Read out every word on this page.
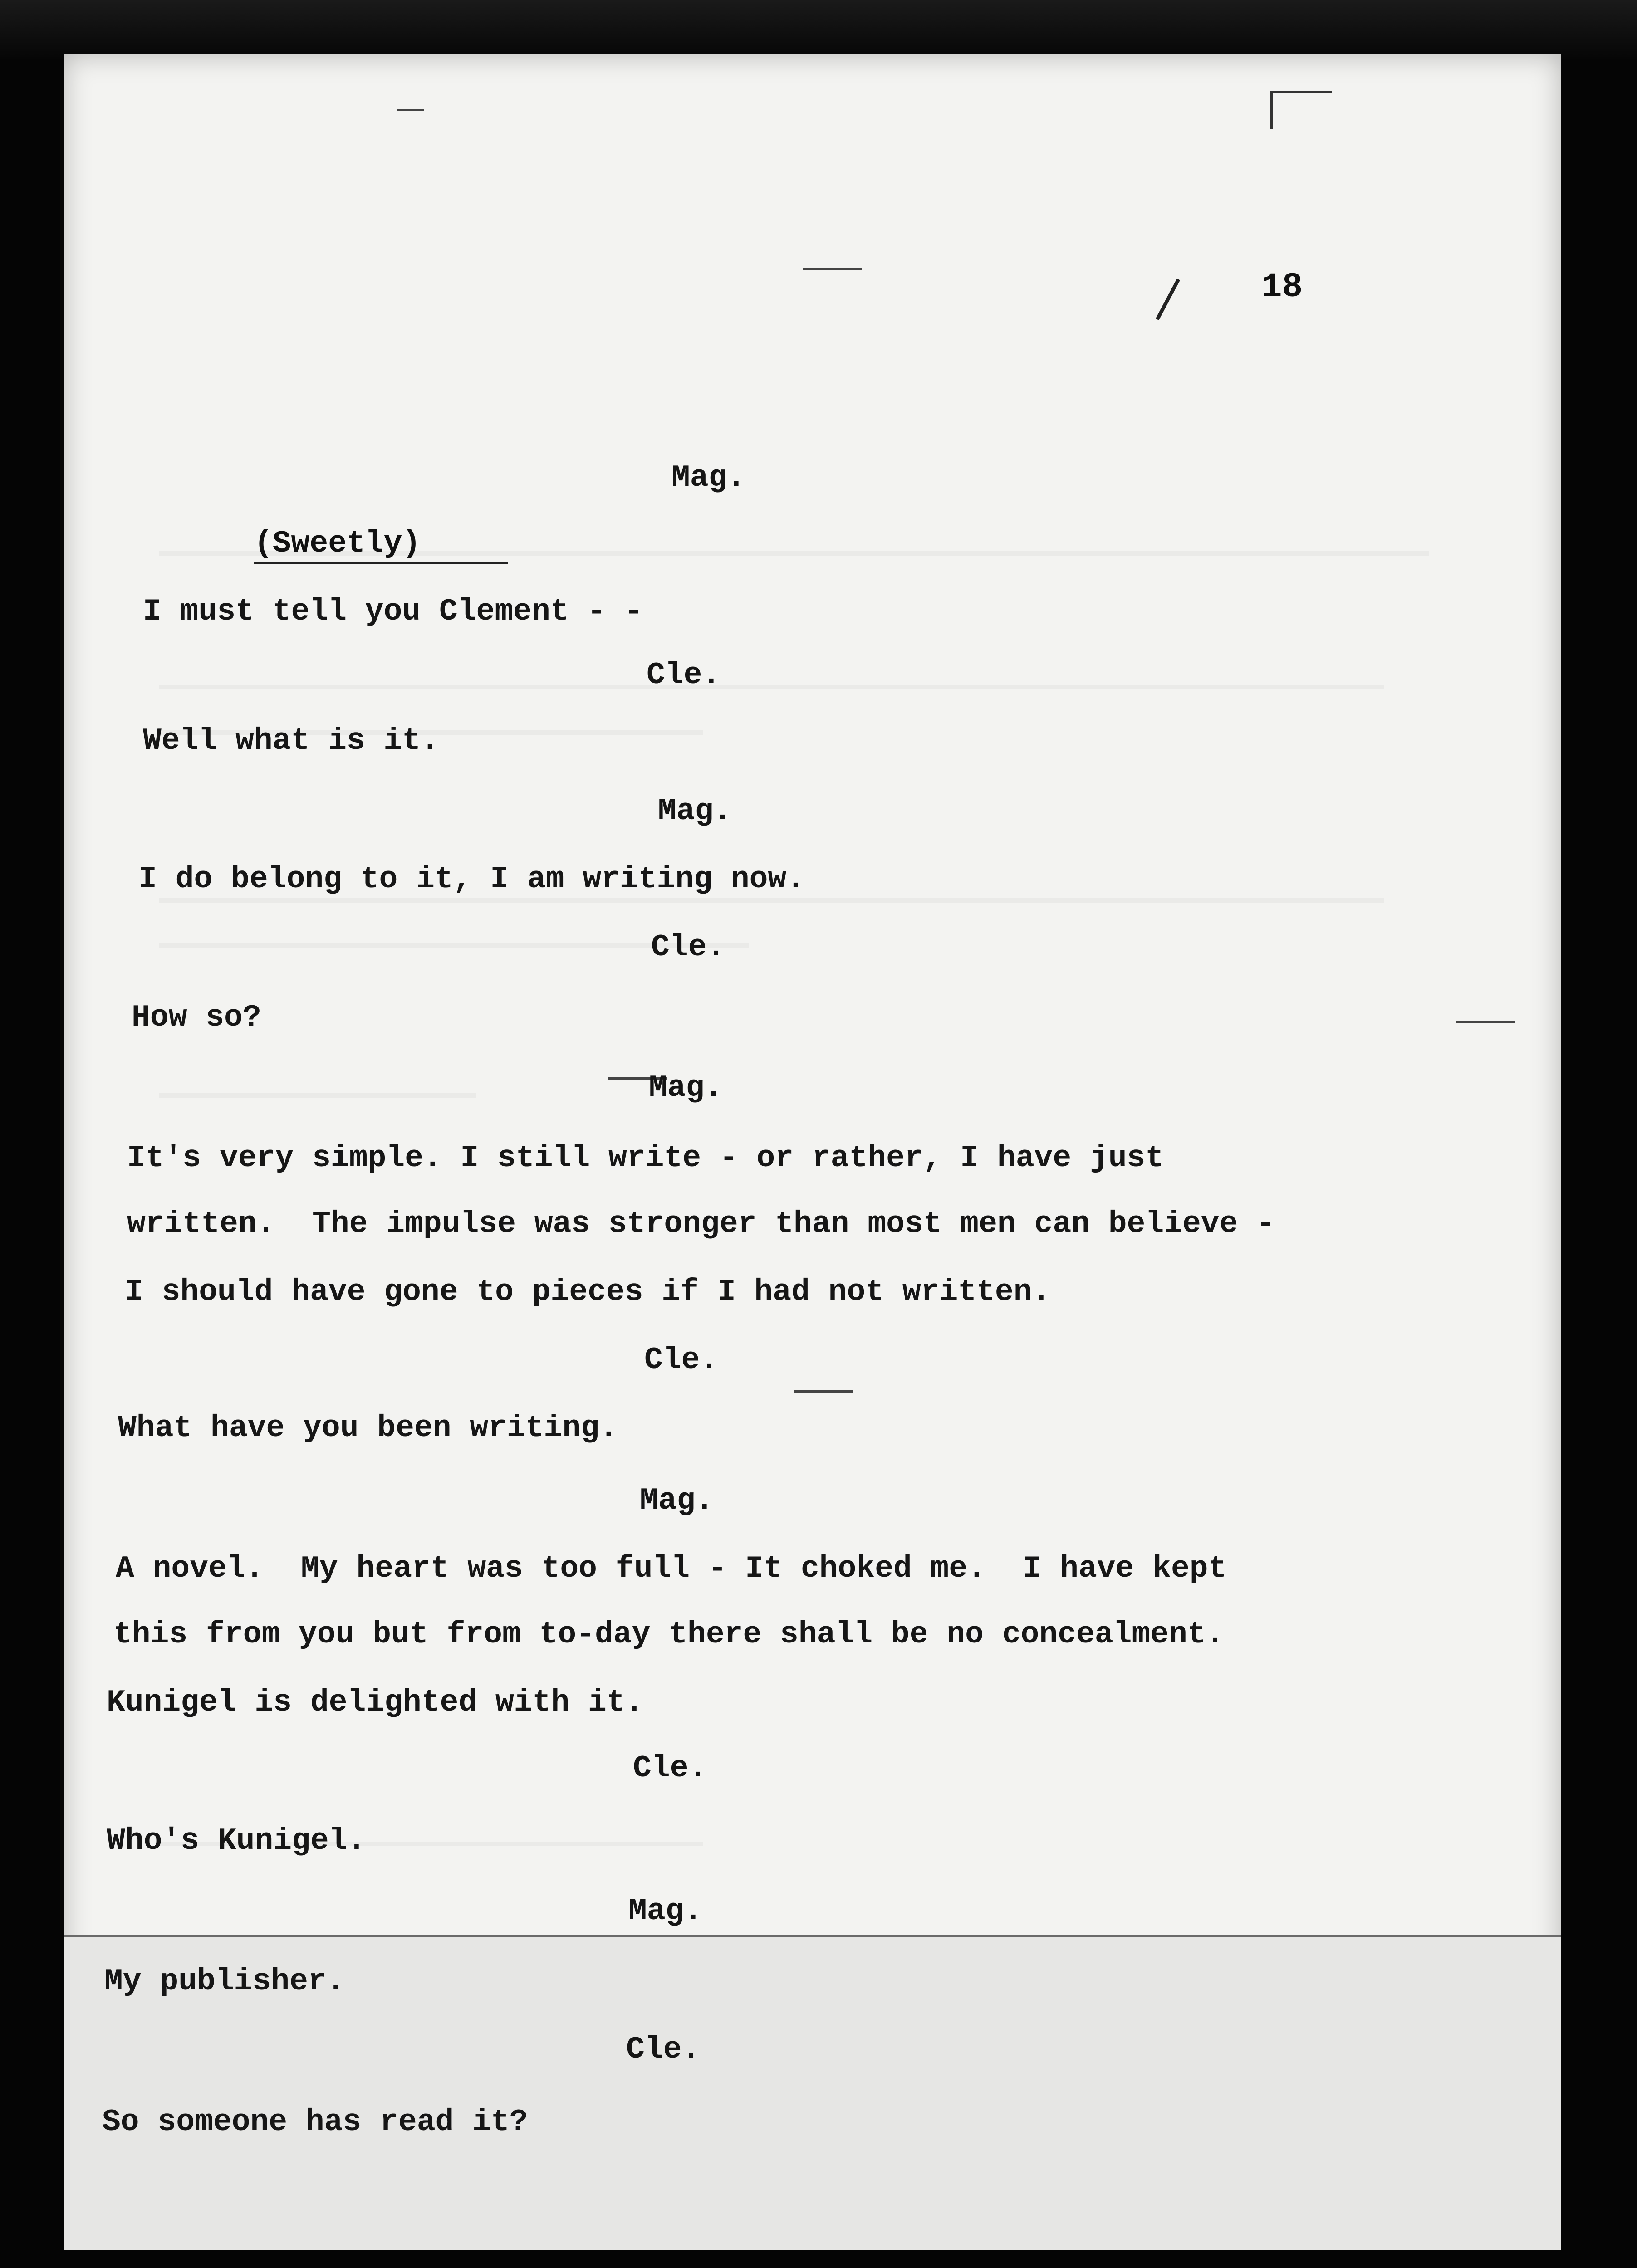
18
Mag.
(Sweetly)
I must tell you Clement - -
Cle.
Well what is it.
Mag.
I do belong to it, I am writing now.
Cle.
How so?
Mag.
It's very simple. I still write - or rather, I have just
written.  The impulse was stronger than most men can believe -
I should have gone to pieces if I had not written.
Cle.
What have you been writing.
Mag.
A novel.  My heart was too full - It choked me.  I have kept
this from you but from to-day there shall be no concealment.
Kunigel is delighted with it.
Cle.
Who's Kunigel.
Mag.
My publisher.
Cle.
So someone has read it?
